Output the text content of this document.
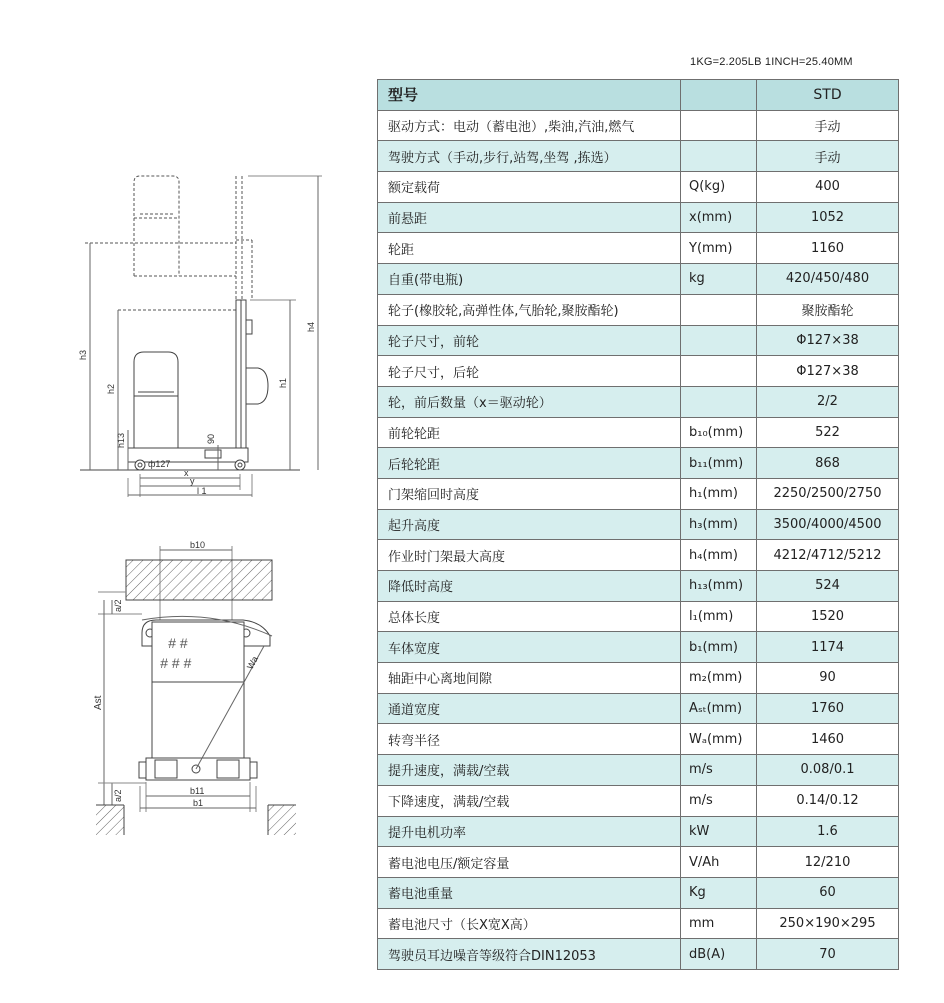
1KG=2.205LB 1INCH=25.40MM
型号		STD
驱动方式：电动（蓄电池）,柴油,汽油,燃气		手动
驾驶方式（手动,步行,站驾,坐驾 ,拣选）		手动
额定载荷	Q(kg)	400
前悬距	x(mm)	1052
轮距	Y(mm)	1160
自重(带电瓶)	kg	420/450/480
轮子(橡胶轮,高弹性体,气胎轮,聚胺酯轮)		聚胺酯轮
轮子尺寸，前轮		Φ127×38
轮子尺寸，后轮		Φ127×38
轮，前后数量（x＝驱动轮）		2/2
前轮轮距	b₁₀(mm)	522
后轮轮距	b₁₁(mm)	868
门架缩回时高度	h₁(mm)	2250/2500/2750
起升高度	h₃(mm)	3500/4000/4500
作业时门架最大高度	h₄(mm)	4212/4712/5212
降低时高度	h₁₃(mm)	524
总体长度	l₁(mm)	1520
车体宽度	b₁(mm)	1174
轴距中心离地间隙	m₂(mm)	90
通道宽度	Aₛₜ(mm)	1760
转弯半径	Wₐ(mm)	1460
提升速度，满载/空载	m/s	0.08/0.1
下降速度，满载/空载	m/s	0.14/0.12
提升电机功率	kW	1.6
蓄电池电压/额定容量	V/Ah	12/210
蓄电池重量	Kg	60
蓄电池尺寸（长X宽X高）	mm	250×190×295
驾驶员耳边噪音等级符合DIN12053	dB(A)	70
h4
h1
h3
h2
h13	90
ф127
x
y
l 1
# #
# # #
b10
a/2
Ast
Wa
b11
b1
a/2
